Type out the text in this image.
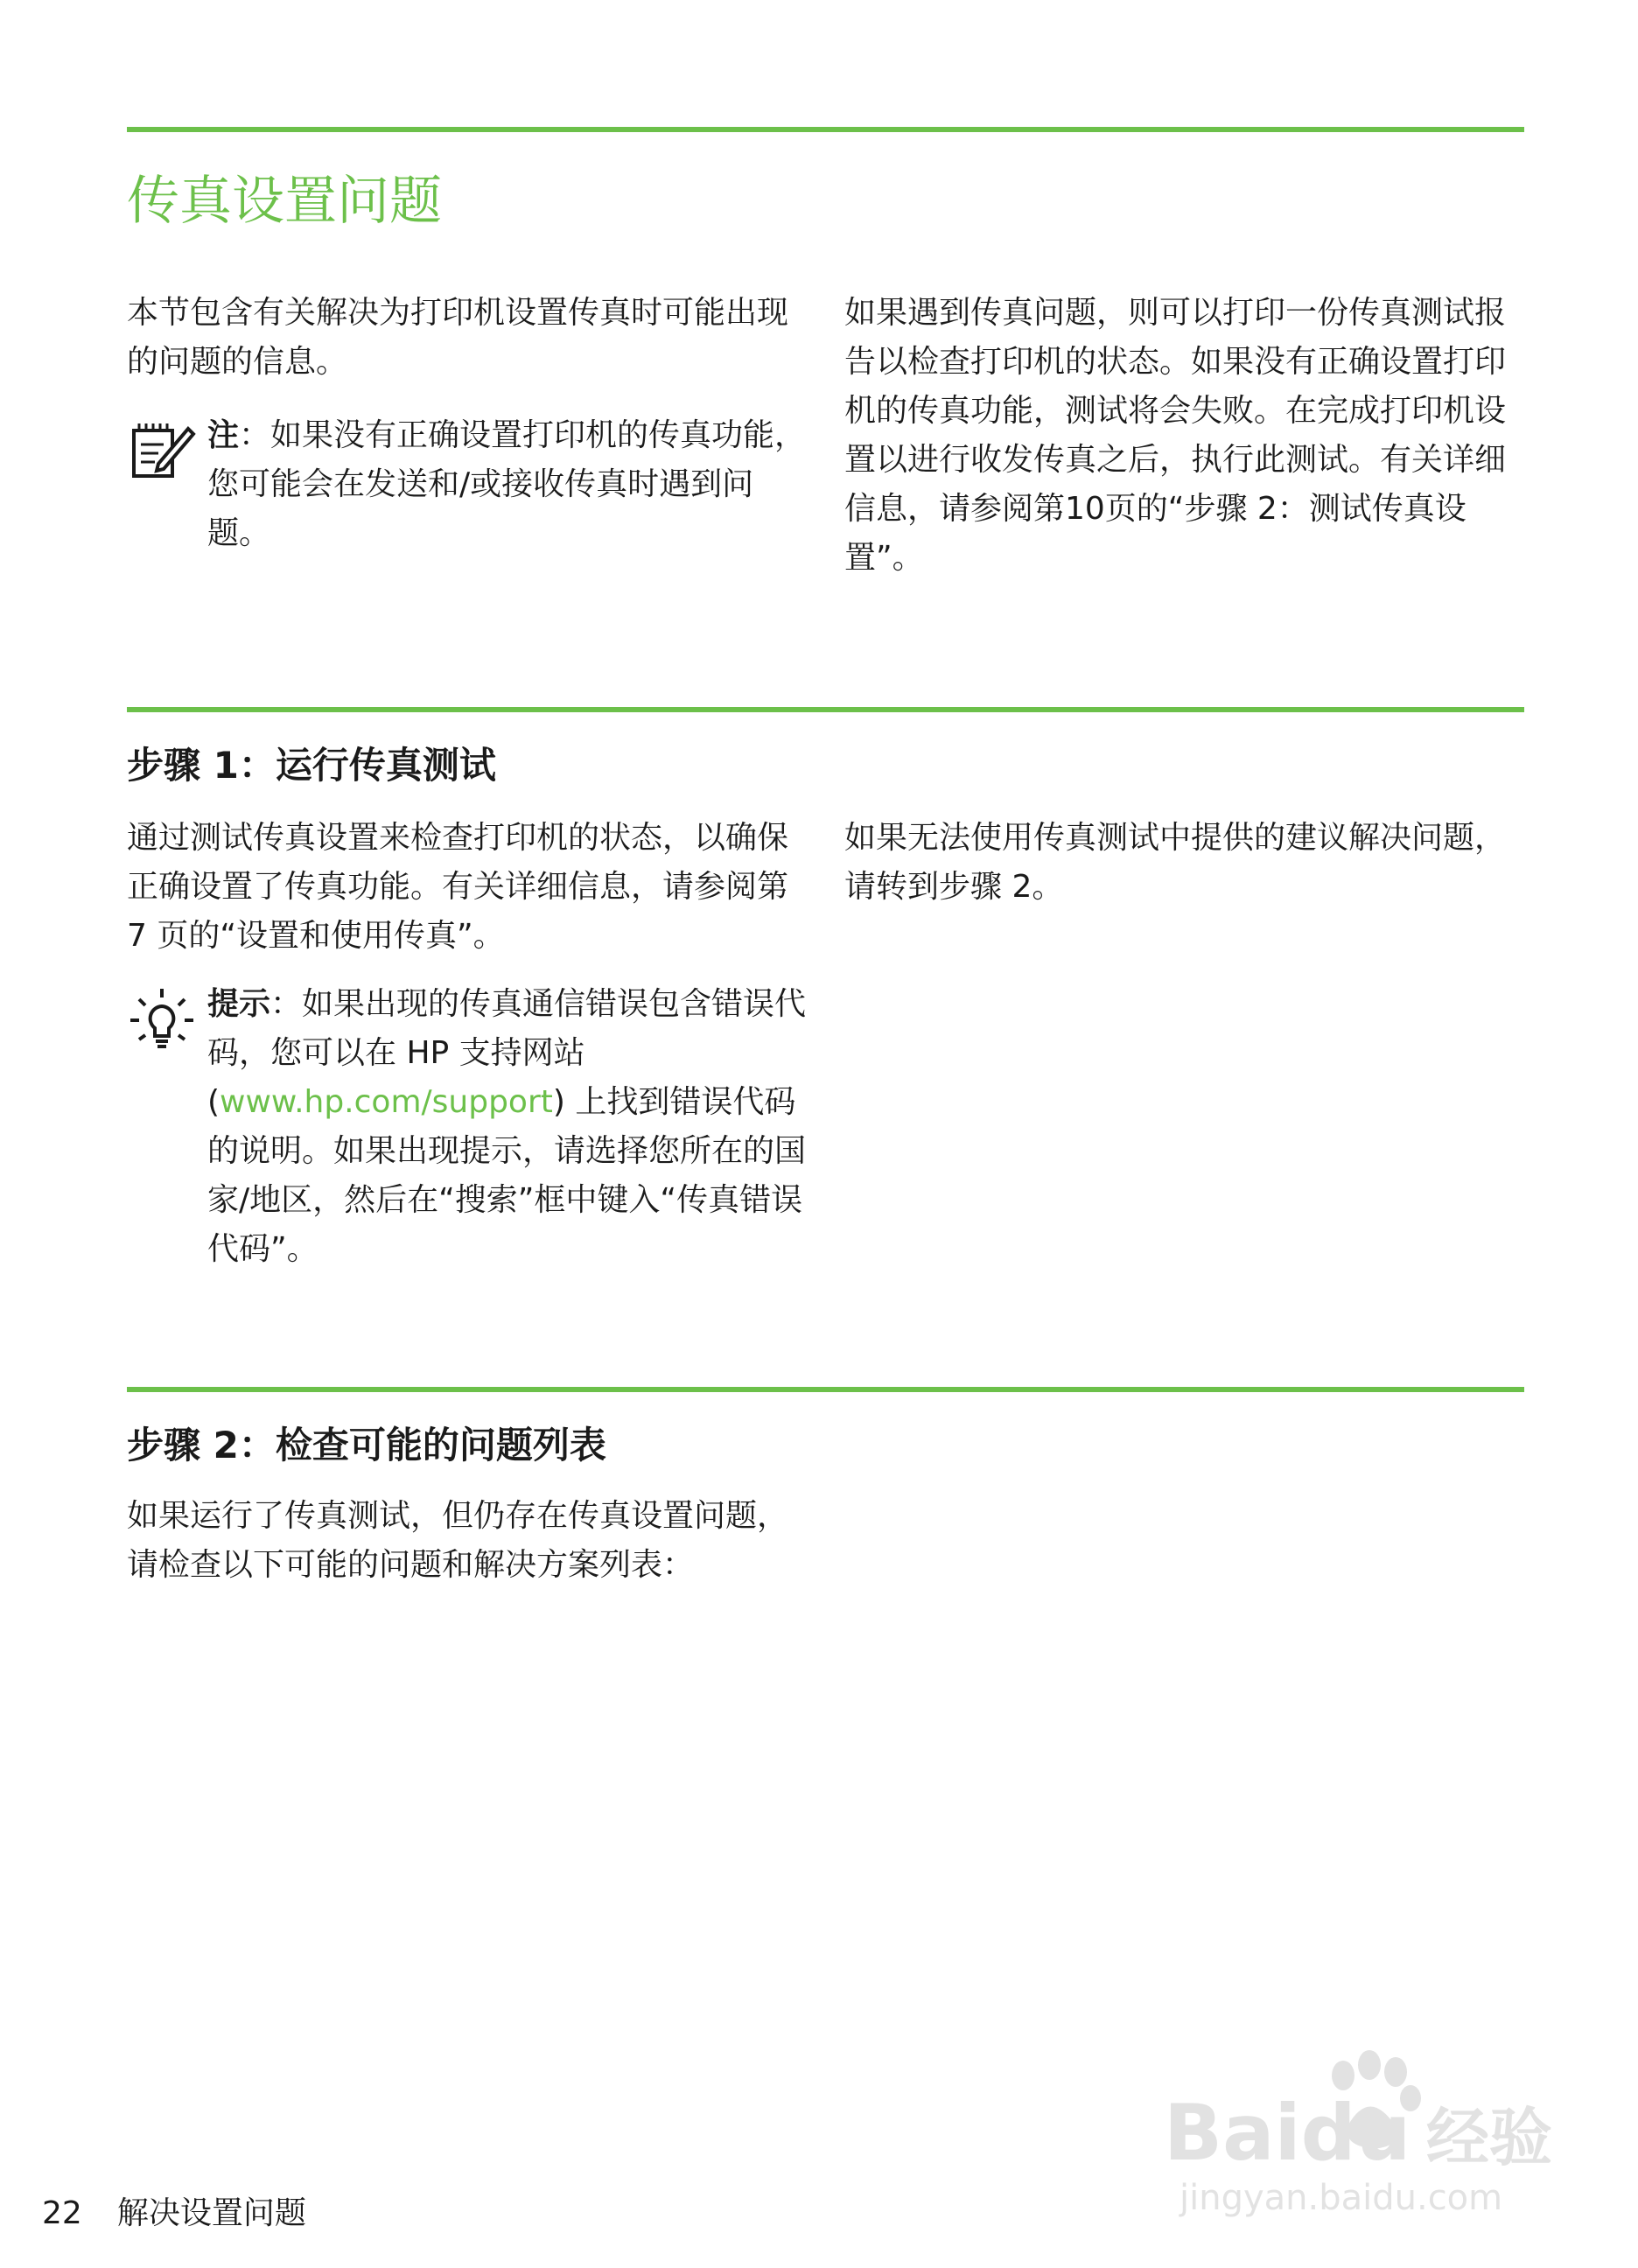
传真设置问题

本节包含有关解决为打印机设置传真时可能出现的问题的信息。

注：如果没有正确设置打印机的传真功能，您可能会在发送和/或接收传真时遇到问题。

如果遇到传真问题，则可以打印一份传真测试报告以检查打印机的状态。如果没有正确设置打印机的传真功能，测试将会失败。在完成打印机设置以进行收发传真之后，执行此测试。有关详细信息，请参阅第10页的“步骤 2：测试传真设置”。

步骤 1：运行传真测试

通过测试传真设置来检查打印机的状态，以确保正确设置了传真功能。有关详细信息，请参阅第 7 页的“设置和使用传真”。

如果无法使用传真测试中提供的建议解决问题，请转到步骤 2。

提示：如果出现的传真通信错误包含错误代码，您可以在 HP 支持网站 (www.hp.com/support) 上找到错误代码的说明。如果出现提示，请选择您所在的国家/地区，然后在“搜索”框中键入“传真错误代码”。

步骤 2：检查可能的问题列表

如果运行了传真测试，但仍存在传真设置问题，请检查以下可能的问题和解决方案列表：

Baidu 经验
jingyan.baidu.com
22 解决设置问题
